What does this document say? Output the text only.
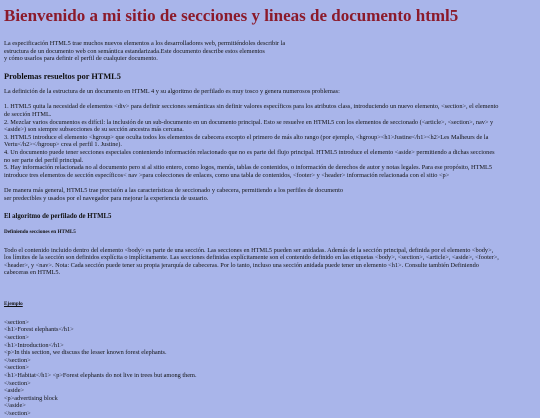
Bienvenido a mi sitio de secciones y lineas de documento html5

La especificación HTML5 trae muchos nuevos elementos a los desarrolladores web, permitiéndoles describir la

estructura de un documento web con semántica estandarizada.Este documento describe estos elementos

y cómo usarlos para definir el perfil de cualquier documento.

Problemas resueltos por HTML5

La definición de la estructura de un documento en HTML 4 y su algoritmo de perfilado es muy tosco y genera numerosos problemas:

1. HTML5 quita la necesidad de elementos <div> para definir secciones semánticas sin definir valores específicos para los atributos class, introduciendo un nuevo elemento, <section>, el elemento

de sección HTML.

2. Mezclar varios documentos es difícil: la inclusión de un sub-documento en un documento principal. Esto se resuelve en HTML5 con los elementos de seccionado (<article>, <section>, nav> y

<aside>) son siempre subsecciones de su sección ancestra más cercana.

3. HTML5 introduce el elemento <hgroup> que oculta todos los elementos de cabecera excepto el primero de más alto rango (por ejemplo, <hgroup><h1>Justine</h1><h2>Les Malheurs de la

Vertu</h2></hgroup> crea el perfil 1. Justine).

4. Un documento puede tener secciones especiales conteniendo información relacionado que no es parte del flujo principal. HTML5 introduce el elemento <aside> permitiendo a dichas secciones

no ser parte del perfil principal.

5. Hay información relacionada no al documento pero si al sitio entero, como logos, menús, tablas de contenidos, o información de derechos de autor y notas legales. Para ese propósito, HTML5

introduce tres elementos de sección específicos< nav >para colecciones de enlaces, como una tabla de contenidos, <footer> y <header> información relacionada con el sitio <p>

De manera más general, HTML5 trae precisión a las características de seccionado y cabecera, permitiendo a los perfiles de documento

ser predecibles y usados por el navegador para mejorar la experiencia de usuario.

El algoritmo de perfilado de HTML5
Definiendo secciones en HTML5

Todo el contenido incluido dentro del elemento <body> es parte de una sección. Las secciones en HTML5 pueden ser anidadas. Además de la sección principal, definida por el elemento <body>,

los límites de la sección son definidos explícita o implícitamente. Las secciones definidas explícitamente son el contenido definido en las etiquetas <body>, <section>, <article>, <aside>, <footer>,

<header>, y <nav>. Nota: Cada sección puede tener su propia jerarquía de cabeceras. Por lo tanto, incluso una sección anidada puede tener un elemento <h1>. Consulte también Definiendo

cabeceras en HTML5.

Ejemplo

<section>

<h1>Forest elephants</h1>

<section>

<h1>Introduction</h1>

<p>In this section, we discuss the lesser known forest elephants.

</section>

<section>

<h1>Habitat</h1> <p>Forest elephants do not live in trees but among them.

</section>

<aside>

<p>advertising block

</aside>

</section>
